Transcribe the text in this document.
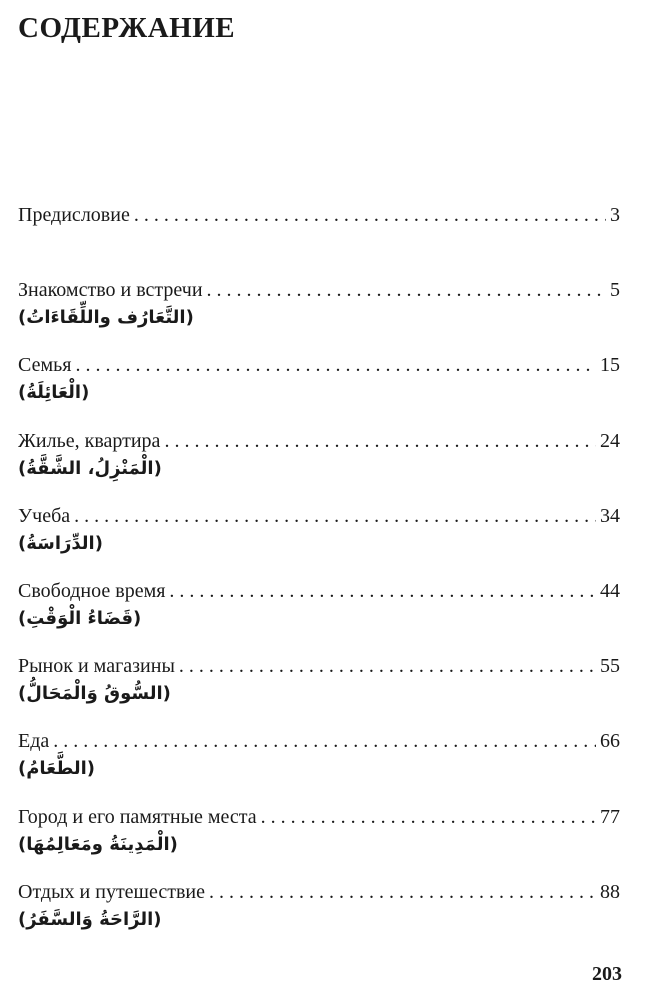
СОДЕРЖАНИЕ
Предисловие . . .	3
Знакомство и встречи . . .	5
(التَّعَارُف واللِّقَاءَاتُ)
Семья . . .	15
(الْعَائِلَةُ)
Жилье, квартира . . .	24
(الْمَنْزِلُ، الشَّقَّةُ)
Учеба . . .	34
(الدِّرَاسَةُ)
Свободное время . . .	44
(قَضَاءُ الْوَقْتِ)
Рынок и магазины . . .	55
(السُّوقُ وَالْمَحَالُّ)
Еда . . .	66
(الطَّعَامُ)
Город и его памятные места . . .	77
(الْمَدِينَةُ ومَعَالِمُهَا)
Отдых и путешествие . . .	88
(الرَّاحَةُ وَالسَّفَرُ)
203
